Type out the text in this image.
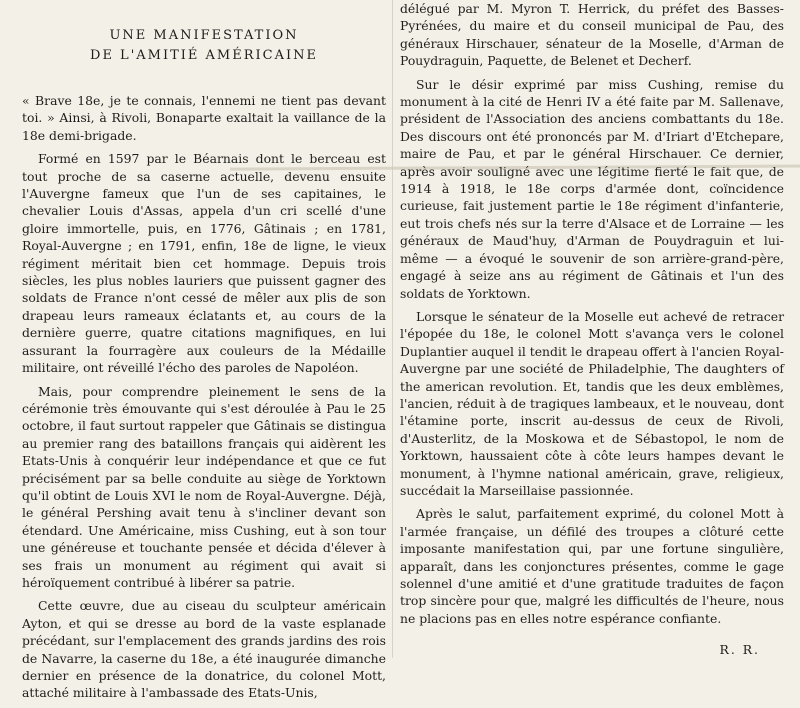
UNE MANIFESTATION
DE L'AMITIÉ AMÉRICAINE

« Brave 18e, je te connais, l'ennemi ne tient pas devant toi. » Ainsi, à Rivoli, Bonaparte exaltait la vaillance de la 18e demi-brigade.

Formé en 1597 par le Béarnais dont le berceau est tout proche de sa caserne actuelle, devenu ensuite l'Auvergne fameux que l'un de ses capitaines, le chevalier Louis d'Assas, appela d'un cri scellé d'une gloire immortelle, puis, en 1776, Gâtinais ; en 1781, Royal-Auvergne ; en 1791, enfin, 18e de ligne, le vieux régiment méritait bien cet hommage. Depuis trois siècles, les plus nobles lauriers que puissent gagner des soldats de France n'ont cessé de mêler aux plis de son drapeau leurs rameaux éclatants et, au cours de la dernière guerre, quatre citations magnifiques, en lui assurant la fourragère aux couleurs de la Médaille militaire, ont réveillé l'écho des paroles de Napoléon.

Mais, pour comprendre pleinement le sens de la cérémonie très émouvante qui s'est déroulée à Pau le 25 octobre, il faut surtout rappeler que Gâtinais se distingua au premier rang des bataillons français qui aidèrent les Etats-Unis à conquérir leur indépendance et que ce fut précisément par sa belle conduite au siège de Yorktown qu'il obtint de Louis XVI le nom de Royal-Auvergne. Déjà, le général Pershing avait tenu à s'incliner devant son étendard. Une Américaine, miss Cushing, eut à son tour une généreuse et touchante pensée et décida d'élever à ses frais un monument au régiment qui avait si héroïquement contribué à libérer sa patrie.

Cette œuvre, due au ciseau du sculpteur américain Ayton, et qui se dresse au bord de la vaste esplanade précédant, sur l'emplacement des grands jardins des rois de Navarre, la caserne du 18e, a été inaugurée dimanche dernier en présence de la donatrice, du colonel Mott, attaché militaire à l'ambassade des Etats-Unis,

délégué par M. Myron T. Herrick, du préfet des Basses-Pyrénées, du maire et du conseil municipal de Pau, des généraux Hirschauer, sénateur de la Moselle, d'Arman de Pouydraguin, Paquette, de Belenet et Decherf.

Sur le désir exprimé par miss Cushing, remise du monument à la cité de Henri IV a été faite par M. Sallenave, président de l'Association des anciens combattants du 18e. Des discours ont été prononcés par M. d'Iriart d'Etchepare, maire de Pau, et par le général Hirschauer. Ce dernier, après avoir souligné avec une légitime fierté le fait que, de 1914 à 1918, le 18e corps d'armée dont, coïncidence curieuse, fait justement partie le 18e régiment d'infanterie, eut trois chefs nés sur la terre d'Alsace et de Lorraine — les généraux de Maud'huy, d'Arman de Pouydraguin et lui-même — a évoqué le souvenir de son arrière-grand-père, engagé à seize ans au régiment de Gâtinais et l'un des soldats de Yorktown.

Lorsque le sénateur de la Moselle eut achevé de retracer l'épopée du 18e, le colonel Mott s'avança vers le colonel Duplantier auquel il tendit le drapeau offert à l'ancien Royal-Auvergne par une société de Philadelphie, The daughters of the american revolution. Et, tandis que les deux emblèmes, l'ancien, réduit à de tragiques lambeaux, et le nouveau, dont l'étamine porte, inscrit au-dessus de ceux de Rivoli, d'Austerlitz, de la Moskowa et de Sébastopol, le nom de Yorktown, haussaient côte à côte leurs hampes devant le monument, à l'hymne national américain, grave, religieux, succédait la Marseillaise passionnée.

Après le salut, parfaitement exprimé, du colonel Mott à l'armée française, un défilé des troupes a clôturé cette imposante manifestation qui, par une fortune singulière, apparaît, dans les conjonctures présentes, comme le gage solennel d'une amitié et d'une gratitude traduites de façon trop sincère pour que, malgré les difficultés de l'heure, nous ne placions pas en elles notre espérance confiante.

R. R.
